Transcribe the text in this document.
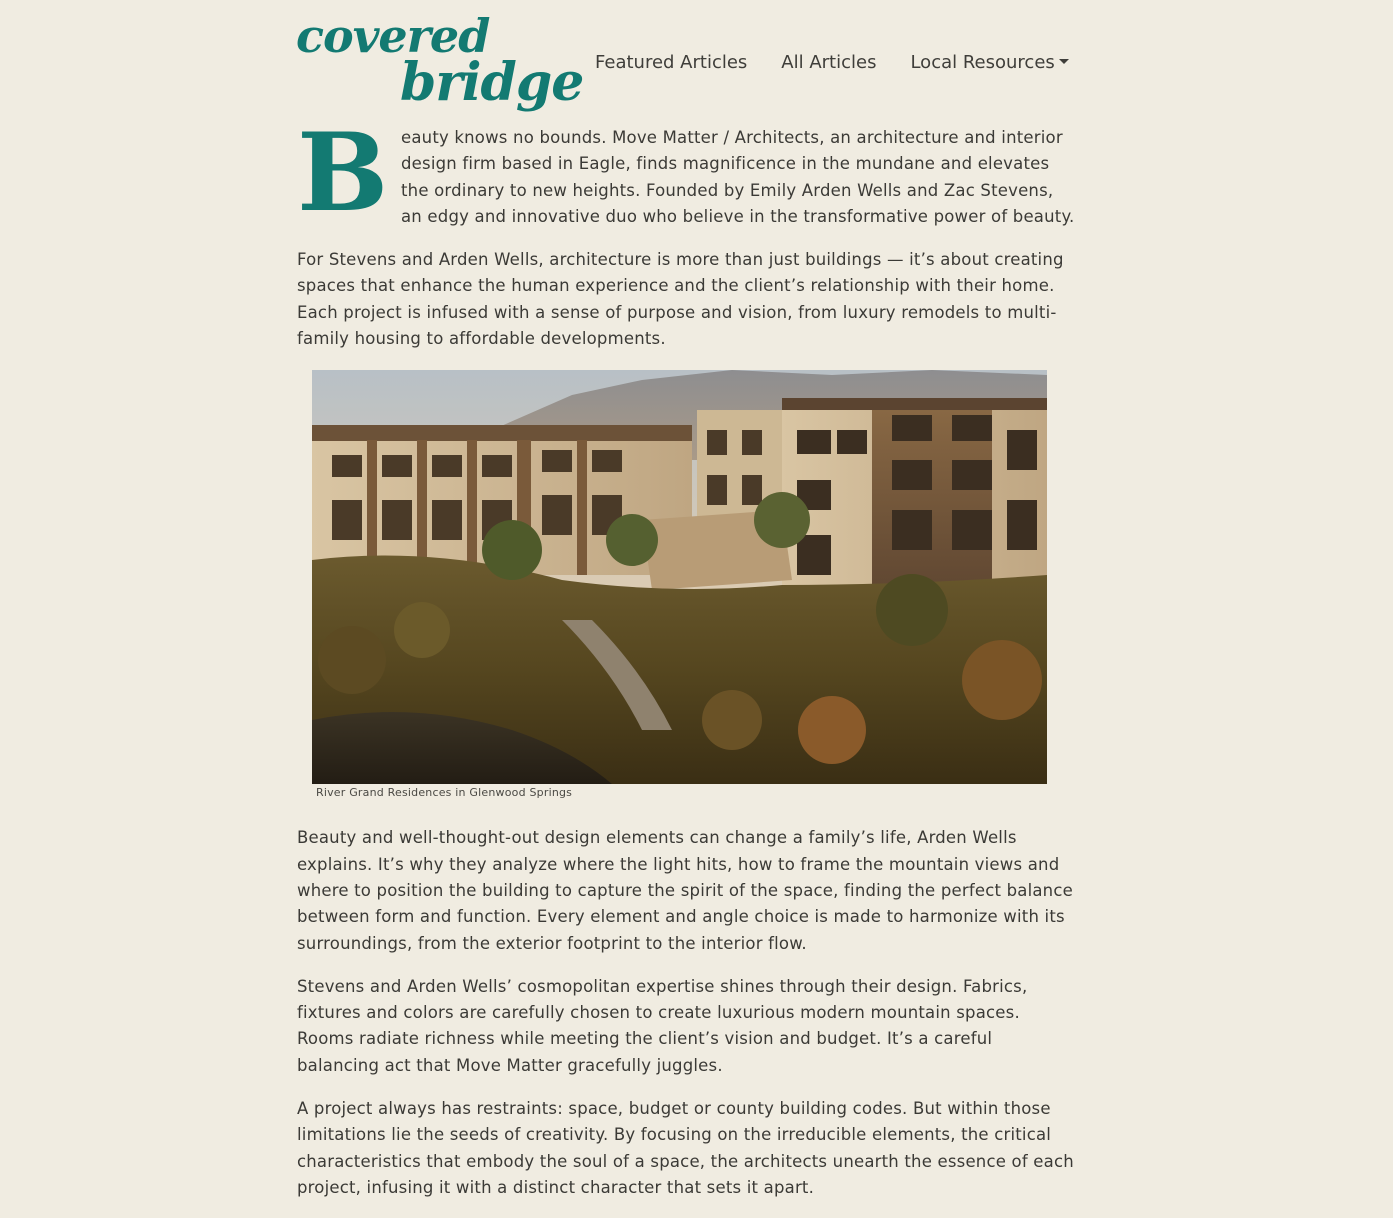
covered
bridge Featured Articles All Articles Local Resources

B eauty knows no bounds. Move Matter / Architects, an architecture and interior design firm based in Eagle, finds magnificence in the mundane and elevates the ordinary to new heights. Founded by Emily Arden Wells and Zac Stevens, an edgy and innovative duo who believe in the transformative power of beauty.

For Stevens and Arden Wells, architecture is more than just buildings — it’s about creating spaces that enhance the human experience and the client’s relationship with their home. Each project is infused with a sense of purpose and vision, from luxury remodels to multi-family housing to affordable developments.

River Grand Residences in Glenwood Springs

Beauty and well-thought-out design elements can change a family’s life, Arden Wells explains. It’s why they analyze where the light hits, how to frame the mountain views and where to position the building to capture the spirit of the space, finding the perfect balance between form and function. Every element and angle choice is made to harmonize with its surroundings, from the exterior footprint to the interior flow.

Stevens and Arden Wells’ cosmopolitan expertise shines through their design. Fabrics, fixtures and colors are carefully chosen to create luxurious modern mountain spaces. Rooms radiate richness while meeting the client’s vision and budget. It’s a careful balancing act that Move Matter gracefully juggles.

A project always has restraints: space, budget or county building codes. But within those limitations lie the seeds of creativity. By focusing on the irreducible elements, the critical characteristics that embody the soul of a space, the architects unearth the essence of each project, infusing it with a distinct character that sets it apart.
